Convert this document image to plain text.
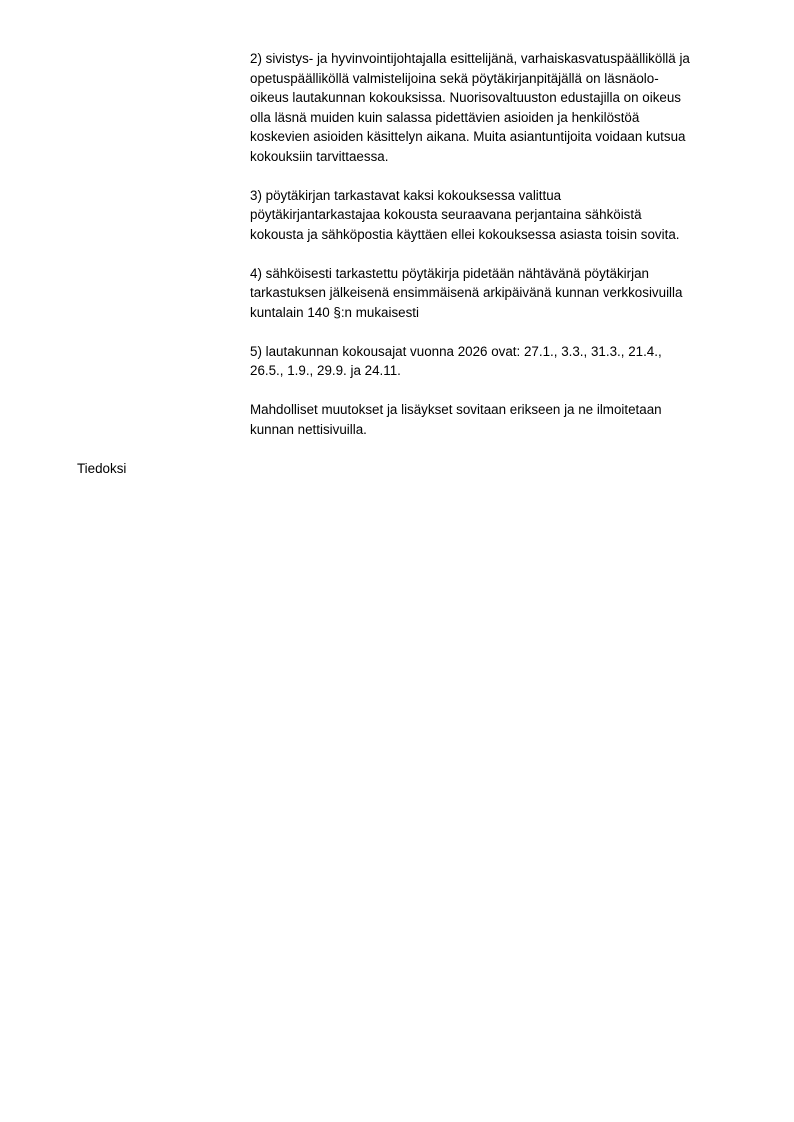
2) sivistys- ja hyvinvointijohtajalla esittelijänä, varhaiskasvatuspäälliköllä ja
opetuspäälliköllä valmistelijoina sekä pöytäkirjanpitäjällä on läsnäolo-
oikeus lautakunnan kokouksissa. Nuorisovaltuuston edustajilla on oikeus
olla läsnä muiden kuin salassa pidettävien asioiden ja henkilöstöä
koskevien asioiden käsittelyn aikana. Muita asiantuntijoita voidaan kutsua
kokouksiin tarvittaessa.

3) pöytäkirjan tarkastavat kaksi kokouksessa valittua
pöytäkirjantarkastajaa kokousta seuraavana perjantaina sähköistä
kokousta ja sähköpostia käyttäen ellei kokouksessa asiasta toisin sovita.

4) sähköisesti tarkastettu pöytäkirja pidetään nähtävänä pöytäkirjan
tarkastuksen jälkeisenä ensimmäisenä arkipäivänä kunnan verkkosivuilla
kuntalain 140 §:n mukaisesti

5) lautakunnan kokousajat vuonna 2026 ovat: 27.1., 3.3., 31.3., 21.4.,
26.5., 1.9., 29.9. ja 24.11.

Mahdolliset muutokset ja lisäykset sovitaan erikseen ja ne ilmoitetaan
kunnan nettisivuilla.

Tiedoksi
